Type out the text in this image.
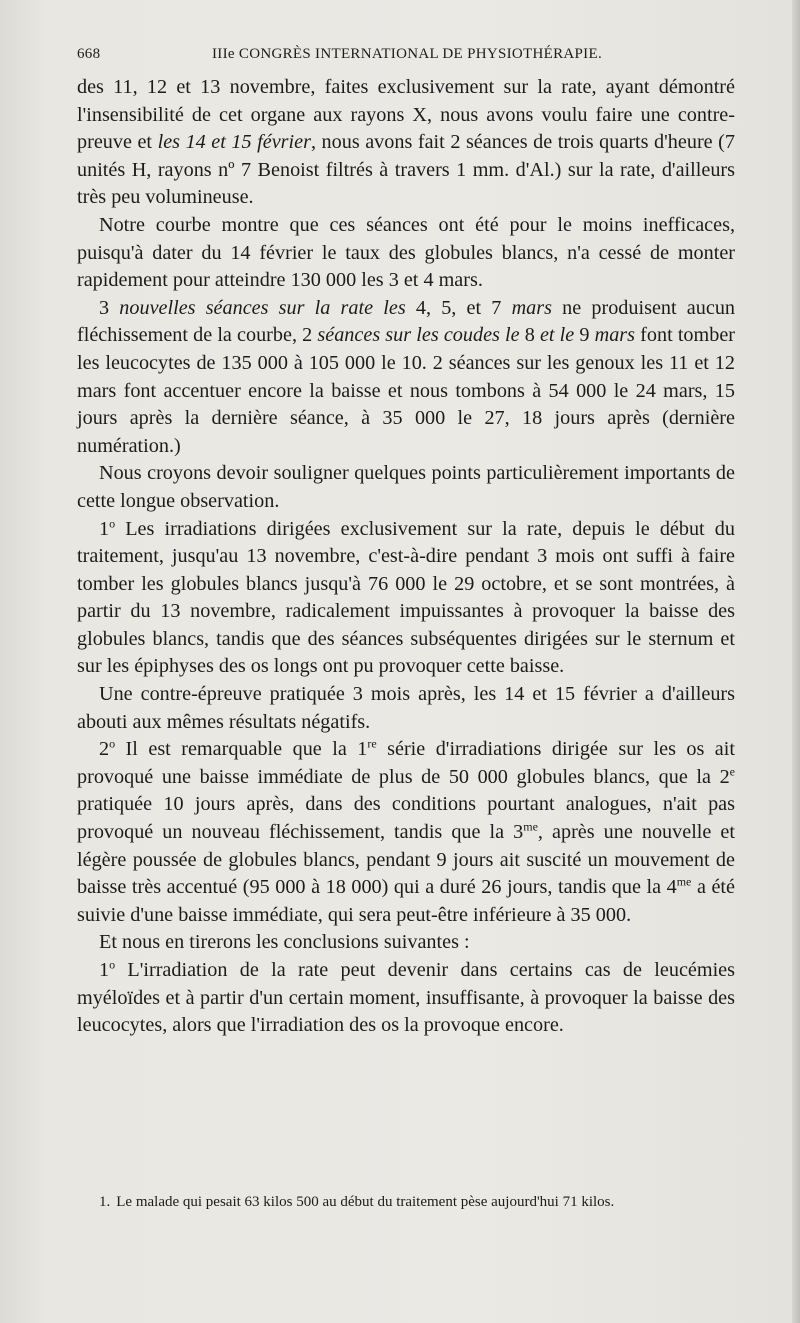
668	IIIe CONGRÈS INTERNATIONAL DE PHYSIOTHÉRAPIE.

des 11, 12 et 13 novembre, faites exclusivement sur la rate, ayant démontré l'insensibilité de cet organe aux rayons X, nous avons voulu faire une contre-preuve et les 14 et 15 février, nous avons fait 2 séances de trois quarts d'heure (7 unités H, rayons nº 7 Benoist filtrés à travers 1 mm. d'Al.) sur la rate, d'ailleurs très peu volumineuse.

Notre courbe montre que ces séances ont été pour le moins inefficaces, puisqu'à dater du 14 février le taux des globules blancs, n'a cessé de monter rapidement pour atteindre 130 000 les 3 et 4 mars.

3 nouvelles séances sur la rate les 4, 5, et 7 mars ne produisent aucun fléchissement de la courbe, 2 séances sur les coudes le 8 et le 9 mars font tomber les leucocytes de 135 000 à 105 000 le 10. 2 séances sur les genoux les 11 et 12 mars font accentuer encore la baisse et nous tombons à 54 000 le 24 mars, 15 jours après la dernière séance, à 35 000 le 27, 18 jours après (dernière numération.)

Nous croyons devoir souligner quelques points particulièrement importants de cette longue observation.

1$^o$ Les irradiations dirigées exclusivement sur la rate, depuis le début du traitement, jusqu'au 13 novembre, c'est-à-dire pendant 3 mois ont suffi à faire tomber les globules blancs jusqu'à 76 000 le 29 octobre, et se sont montrées, à partir du 13 novembre, radicalement impuissantes à provoquer la baisse des globules blancs, tandis que des séances subséquentes dirigées sur le sternum et sur les épiphyses des os longs ont pu provoquer cette baisse.

Une contre-épreuve pratiquée 3 mois après, les 14 et 15 février a d'ailleurs abouti aux mêmes résultats négatifs.

2$^o$ Il est remarquable que la 1re série d'irradiations dirigée sur les os ait provoqué une baisse immédiate de plus de 50 000 globules blancs, que la 2e pratiquée 10 jours après, dans des conditions pourtant analogues, n'ait pas provoqué un nouveau fléchissement, tandis que la $3^{me}$, après une nouvelle et légère poussée de globules blancs, pendant 9 jours ait suscité un mouvement de baisse très accentué (95 000 à 18 000) qui a duré 26 jours, tandis que la $4^{me}$ a été suivie d'une baisse immédiate, qui sera peut-être inférieure à 35 000.

Et nous en tirerons les conclusions suivantes :

1$^o$ L'irradiation de la rate peut devenir dans certains cas de leucémies myéloïdes et à partir d'un certain moment, insuffisante, à provoquer la baisse des leucocytes, alors que l'irradiation des os la provoque encore.

1. Le malade qui pesait 63 kilos 500 au début du traitement pèse aujourd'hui 71 kilos.
